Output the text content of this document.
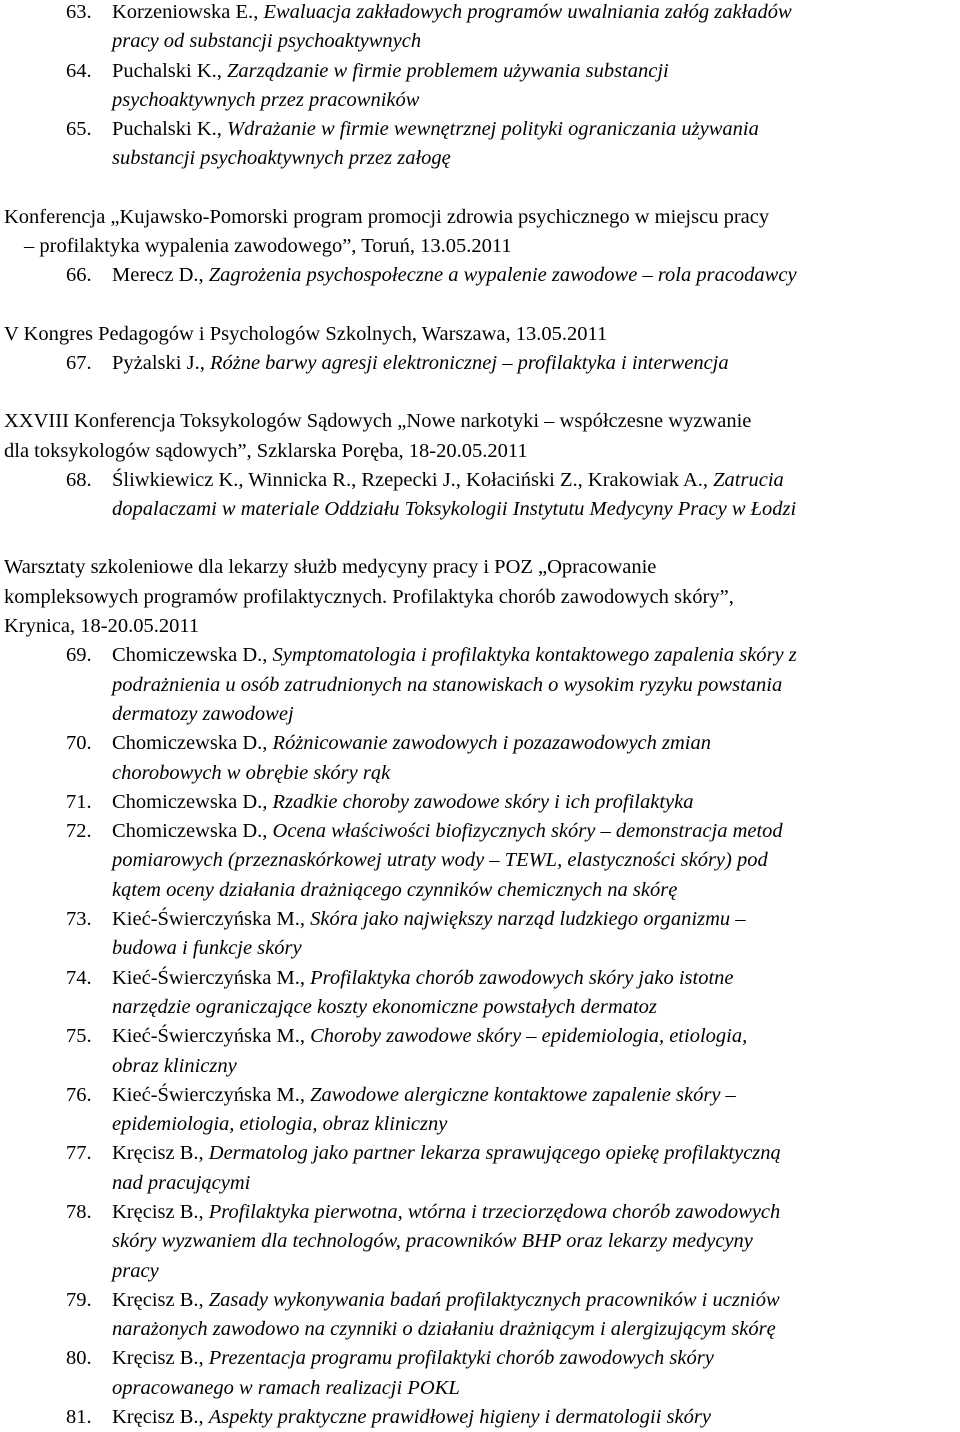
63. Korzeniowska E., Ewaluacja zakładowych programów uwalniania załóg zakładów
pracy od substancji psychoaktywnych
64. Puchalski K., Zarządzanie w firmie problemem używania substancji
psychoaktywnych przez pracowników
65. Puchalski K., Wdrażanie w firmie wewnętrznej polityki ograniczania używania
substancji psychoaktywnych przez załogę
Konferencja „Kujawsko-Pomorski program promocji zdrowia psychicznego w miejscu pracy
– profilaktyka wypalenia zawodowego”, Toruń, 13.05.2011
66. Merecz D., Zagrożenia psychospołeczne a wypalenie zawodowe – rola pracodawcy
V Kongres Pedagogów i Psychologów Szkolnych, Warszawa, 13.05.2011
67. Pyżalski J., Różne barwy agresji elektronicznej – profilaktyka i interwencja
XXVIII Konferencja Toksykologów Sądowych „Nowe narkotyki – współczesne wyzwanie
dla toksykologów sądowych”, Szklarska Poręba, 18-20.05.2011
68. Śliwkiewicz K., Winnicka R., Rzepecki J., Kołaciński Z., Krakowiak A., Zatrucia
dopalaczami w materiale Oddziału Toksykologii Instytutu Medycyny Pracy w Łodzi
Warsztaty szkoleniowe dla lekarzy służb medycyny pracy i POZ „Opracowanie
kompleksowych programów profilaktycznych. Profilaktyka chorób zawodowych skóry”,
Krynica, 18-20.05.2011
69. Chomiczewska D., Symptomatologia i profilaktyka kontaktowego zapalenia skóry z
podrażnienia u osób zatrudnionych na stanowiskach o wysokim ryzyku powstania
dermatozy zawodowej
70. Chomiczewska D., Różnicowanie zawodowych i pozazawodowych zmian
chorobowych w obrębie skóry rąk
71. Chomiczewska D., Rzadkie choroby zawodowe skóry i ich profilaktyka
72. Chomiczewska D., Ocena właściwości biofizycznych skóry – demonstracja metod
pomiarowych (przeznaskórkowej utraty wody – TEWL, elastyczności skóry) pod
kątem oceny działania drażniącego czynników chemicznych na skórę
73. Kieć-Świerczyńska M., Skóra jako największy narząd ludzkiego organizmu –
budowa i funkcje skóry
74. Kieć-Świerczyńska M., Profilaktyka chorób zawodowych skóry jako istotne
narzędzie ograniczające koszty ekonomiczne powstałych dermatoz
75. Kieć-Świerczyńska M., Choroby zawodowe skóry – epidemiologia, etiologia,
obraz kliniczny
76. Kieć-Świerczyńska M., Zawodowe alergiczne kontaktowe zapalenie skóry –
epidemiologia, etiologia, obraz kliniczny
77. Kręcisz B., Dermatolog jako partner lekarza sprawującego opiekę profilaktyczną
nad pracującymi
78. Kręcisz B., Profilaktyka pierwotna, wtórna i trzeciorzędowa chorób zawodowych
skóry wyzwaniem dla technologów, pracowników BHP oraz lekarzy medycyny
pracy
79. Kręcisz B., Zasady wykonywania badań profilaktycznych pracowników i uczniów
narażonych zawodowo na czynniki o działaniu drażniącym i alergizującym skórę
80. Kręcisz B., Prezentacja programu profilaktyki chorób zawodowych skóry
opracowanego w ramach realizacji POKL
81. Kręcisz B., Aspekty praktyczne prawidłowej higieny i dermatologii skóry
